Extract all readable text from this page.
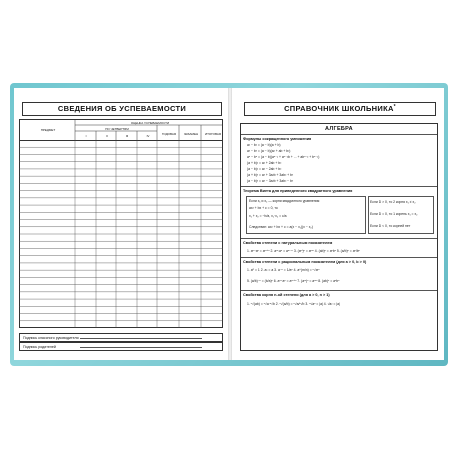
СВЕДЕНИЯ ОБ УСПЕВАЕМОСТИ
ПРЕДМЕТ
ОЦЕНКА УСПЕВАЕМОСТИ
ПО ЧЕТВЕРТЯМ
I	II	III	IV	ГОДОВАЯ	ЭКЗАМЕН	ИТОГОВАЯ
Подпись классного руководителя
Подпись родителей
СПРАВОЧНИК ШКОЛЬНИКА*
АЛГЕБРА
Формулы сокращенного умножения
a² − b² = (a − b)(a + b)
a³ − b³ = (a − b)(a² + ab + b²)
aⁿ − bⁿ = (a − b)(aⁿ⁻¹ + aⁿ⁻²b + ... + abⁿ⁻² + bⁿ⁻¹)
(a + b)² = a² + 2ab + b²
(a − b)² = a² − 2ab + b²
(a + b)³ = a³ + 3a²b + 3ab² + b³
(a − b)³ = a³ − 3a²b + 3ab² − b³
Теорема Виета для приведенного квадратного уравнения
Если x₁ и x₂ — корни квадратного уравнения
ax² + bx + c = 0, то
x₁ + x₂ = −b/a, x₁·x₂ = c/a
Следствие: ax² + bx + c = a(x − x₁)(x − x₂)
Если D > 0, то 2 корня x₁ ≠ x₂
Если D = 0, то 1 корень x₁ = x₂
Если D < 0, то корней нет
Свойства степени с натуральным показателем
1. aᵐ·aⁿ = aᵐ⁺ⁿ 2. aᵐ:aⁿ = aᵐ⁻ⁿ 3. (aᵐ)ⁿ = aᵐⁿ 4. (ab)ⁿ = aⁿbⁿ 5. (a/b)ⁿ = aⁿ/bⁿ
Свойства степени с рациональным показателем (для a > 0, b > 0)
1. a⁰ = 1 2. a¹ = a 3. a⁻ⁿ = 1/aⁿ 4. a^(m/n) = ⁿ√aᵐ
5. (a/b)⁻ⁿ = (b/a)ⁿ 6. aᵐ·aⁿ = aᵐ⁺ⁿ 7. (aᵐ)ⁿ = aᵐⁿ 8. (ab)ⁿ = aⁿbⁿ
Свойства корня n-ой степени (для a > 0, n > 1)
1. ⁿ√(ab) = ⁿ√a·ⁿ√b 2. ⁿ√(a/b) = ⁿ√a/ⁿ√b 3. ⁿ√aⁿ = |a| 4. √a² = |a|
